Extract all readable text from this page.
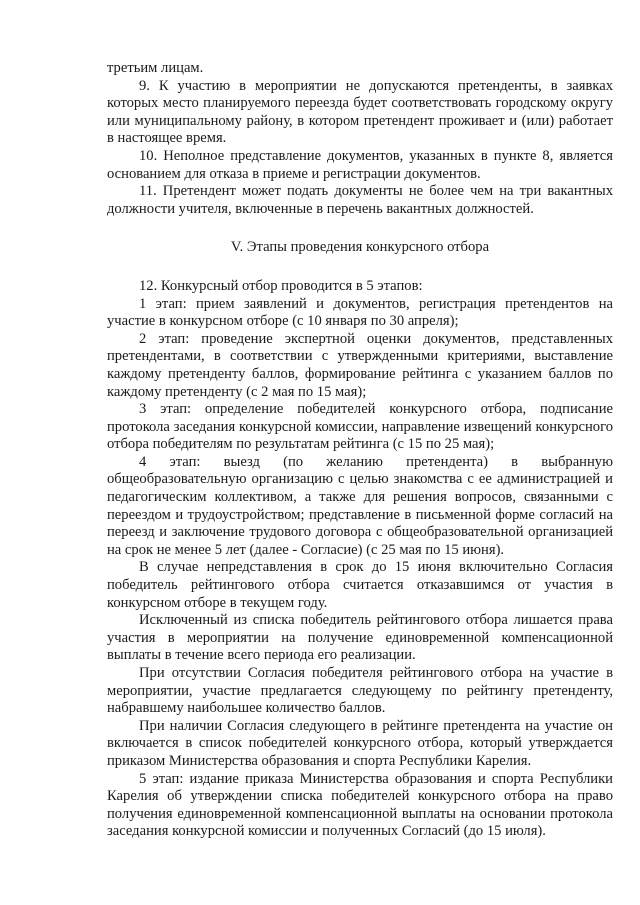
третьим лицам.

9. К участию в мероприятии не допускаются претенденты, в заявках которых место планируемого переезда будет соответствовать городскому округу или муниципальному району, в котором претендент проживает и (или) работает в настоящее время.

10. Неполное представление документов, указанных в пункте 8, является основанием для отказа в приеме и регистрации документов.

11. Претендент может подать документы не более чем на три вакантных должности учителя, включенные в перечень вакантных должностей.

V. Этапы проведения конкурсного отбора

12. Конкурсный отбор проводится в 5 этапов:

1 этап: прием заявлений и документов, регистрация претендентов на участие в конкурсном отборе (с 10 января по 30 апреля);

2 этап: проведение экспертной оценки документов, представленных претендентами, в соответствии с утвержденными критериями, выставление каждому претенденту баллов, формирование рейтинга с указанием баллов по каждому претенденту (с 2 мая по 15 мая);

3 этап: определение победителей конкурсного отбора, подписание протокола заседания конкурсной комиссии, направление извещений конкурсного отбора победителям по результатам рейтинга (с 15 по 25 мая);

4 этап: выезд (по желанию претендента) в выбранную общеобразовательную организацию с целью знакомства с ее администрацией и педагогическим коллективом, а также для решения вопросов, связанными с переездом и трудоустройством; представление в письменной форме согласий на переезд и заключение трудового договора с общеобразовательной организацией на срок не менее 5 лет (далее - Согласие) (с 25 мая по 15 июня).

В случае непредставления в срок до 15 июня включительно Согласия победитель рейтингового отбора считается отказавшимся от участия в конкурсном отборе в текущем году.

Исключенный из списка победитель рейтингового отбора лишается права участия в мероприятии на получение единовременной компенсационной выплаты в течение всего периода его реализации.

При отсутствии Согласия победителя рейтингового отбора на участие в мероприятии, участие предлагается следующему по рейтингу претенденту, набравшему наибольшее количество баллов.

При наличии Согласия следующего в рейтинге претендента на участие он включается в список победителей конкурсного отбора, который утверждается приказом Министерства образования и спорта Республики Карелия.

5 этап: издание приказа Министерства образования и спорта Республики Карелия об утверждении списка победителей конкурсного отбора на право получения единовременной компенсационной выплаты на основании протокола заседания конкурсной комиссии и полученных Согласий (до 15 июля).
